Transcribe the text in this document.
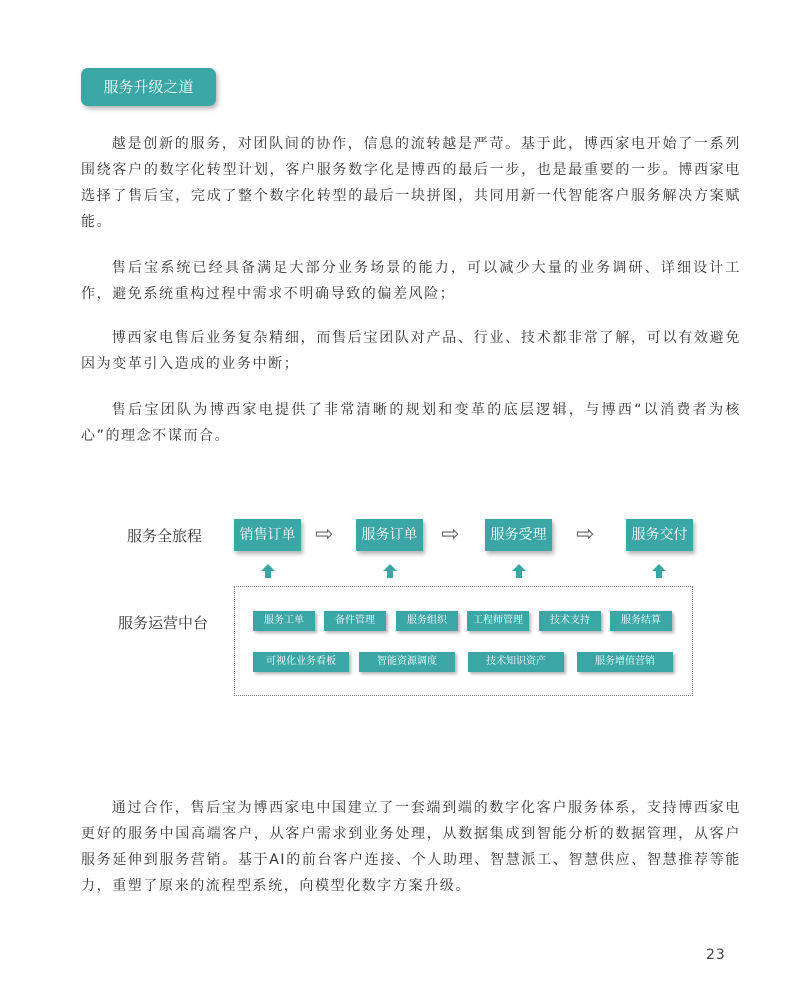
服务升级之道

越是创新的服务，对团队间的协作，信息的流转越是严苛。基于此，博西家电开始了一系列围绕客户的数字化转型计划，客户服务数字化是博西的最后一步，也是最重要的一步。博西家电选择了售后宝，完成了整个数字化转型的最后一块拼图，共同用新一代智能客户服务解决方案赋能。

售后宝系统已经具备满足大部分业务场景的能力，可以减少大量的业务调研、详细设计工作，避免系统重构过程中需求不明确导致的偏差风险；

博西家电售后业务复杂精细，而售后宝团队对产品、行业、技术都非常了解，可以有效避免因为变革引入造成的业务中断；

售后宝团队为博西家电提供了非常清晰的规划和变革的底层逻辑，与博西“以消费者为核心”的理念不谋而合。

服务全旅程	销售订单 ⇨	服务订单 ⇨	服务受理 ⇨	服务交付
服务运营中台	服务工单	备件管理	服务组织	工程师管理	技术支持	服务结算
可视化业务看板	智能资源调度	技术知识资产	服务增值营销

通过合作，售后宝为博西家电中国建立了一套端到端的数字化客户服务体系，支持博西家电更好的服务中国高端客户，从客户需求到业务处理，从数据集成到智能分析的数据管理，从客户服务延伸到服务营销。基于AI的前台客户连接、个人助理、智慧派工、智慧供应、智慧推荐等能力，重塑了原来的流程型系统，向模型化数字方案升级。

23
